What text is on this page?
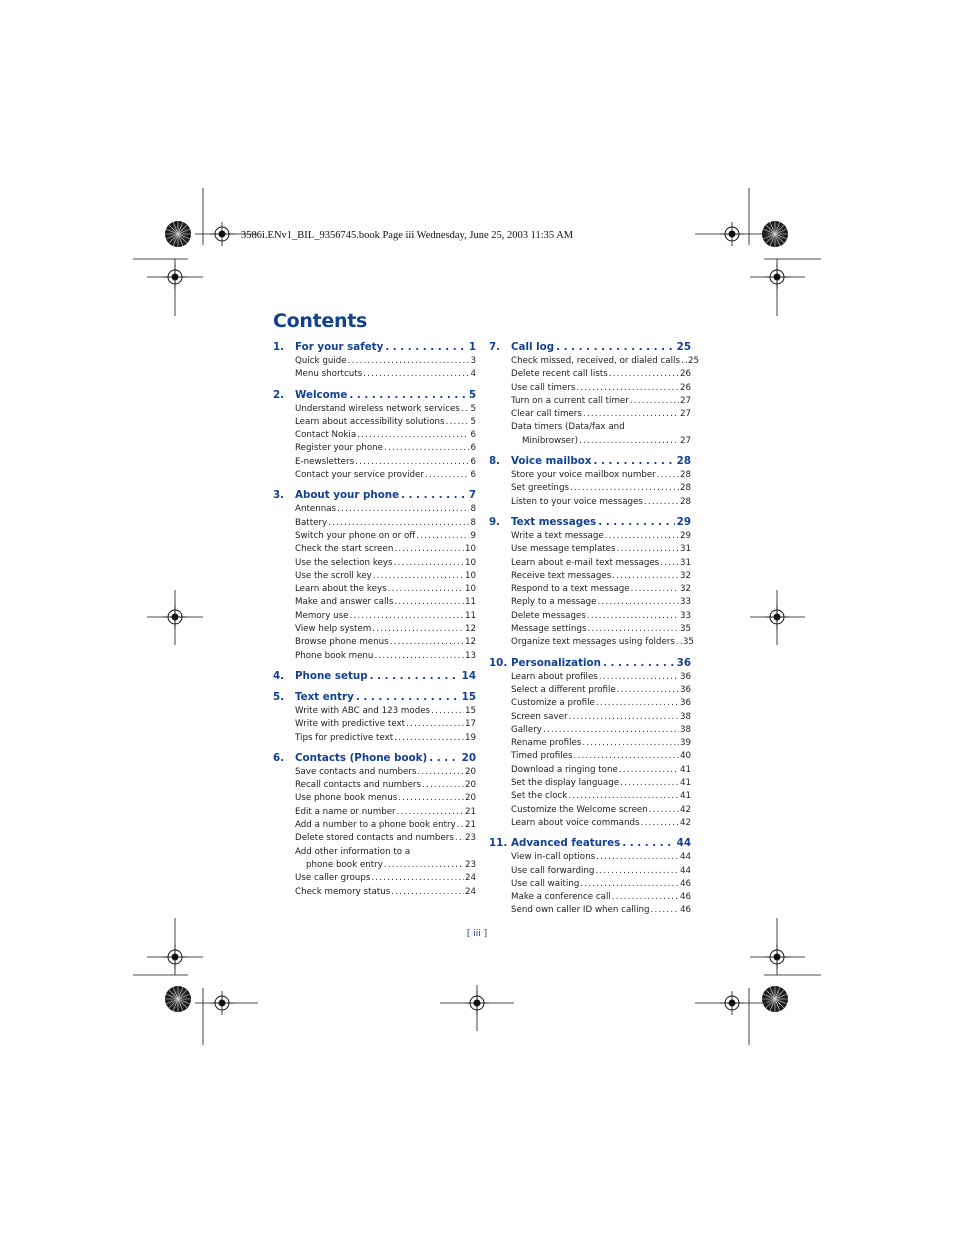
3586i.ENv1_BIL_9356745.book Page iii Wednesday, June 25, 2003 11:35 AM
Contents
1.	For your safety . . .	1
Quick guide .....	3
Menu shortcuts .....	4
2.	Welcome . . .	5
Understand wireless network services ..... 5
Learn about accessibility solutions .....	5
Contact Nokia .....	6
Register your phone .....	6
E-newsletters .....	6
Contact your service provider .....	6
3.	About your phone . . .	7
Antennas .....	8
Battery .....	8
Switch your phone on or off .....	9
Check the start screen .....	10
Use the selection keys .....	10
Use the scroll key .....	10
Learn about the keys .....	10
Make and answer calls .....	11
Memory use .....	11
View help system .....	12
Browse phone menus .....	12
Phone book menu .....	13
4.	Phone setup . . .	14
5.	Text entry . . .	15
Write with ABC and 123 modes .....	15
Write with predictive text .....	17
Tips for predictive text .....	19
6.	Contacts (Phone book) . . .	20
Save contacts and numbers .....	20
Recall contacts and numbers .....	20
Use phone book menus .....	20
Edit a name or number .....	21
Add a number to a phone book entry ..... 21
Delete stored contacts and numbers ..... 23
Add other information to a
phone book entry .....	23
Use caller groups .....	24
Check memory status .....	24
7.	Call log . . .	25
Check missed, received, or dialed calls ..... 25
Delete recent call lists .....	26
Use call timers .....	26
Turn on a current call timer .....	27
Clear call timers .....	27
Data timers (Data/fax and
Minibrowser) .....	27
8.	Voice mailbox . . .	28
Store your voice mailbox number .....	28
Set greetings .....	28
Listen to your voice messages .....	28
9.	Text messages . . .	29
Write a text message .....	29
Use message templates .....	31
Learn about e-mail text messages ..... 31
Receive text messages .....	32
Respond to a text message .....	32
Reply to a message .....	33
Delete messages .....	33
Message settings .....	35
Organize text messages using folders ..... 35
10. Personalization . . .	36
Learn about profiles .....	36
Select a different profile .....	36
Customize a profile .....	36
Screen saver .....	38
Gallery .....	38
Rename profiles .....	39
Timed profiles .....	40
Download a ringing tone .....	41
Set the display language .....	41
Set the clock .....	41
Customize the Welcome screen .....	42
Learn about voice commands .....	42
11. Advanced features . . .	44
View in-call options .....	44
Use call forwarding .....	44
Use call waiting .....	46
Make a conference call .....	46
Send own caller ID when calling .....	46
[ iii ]
